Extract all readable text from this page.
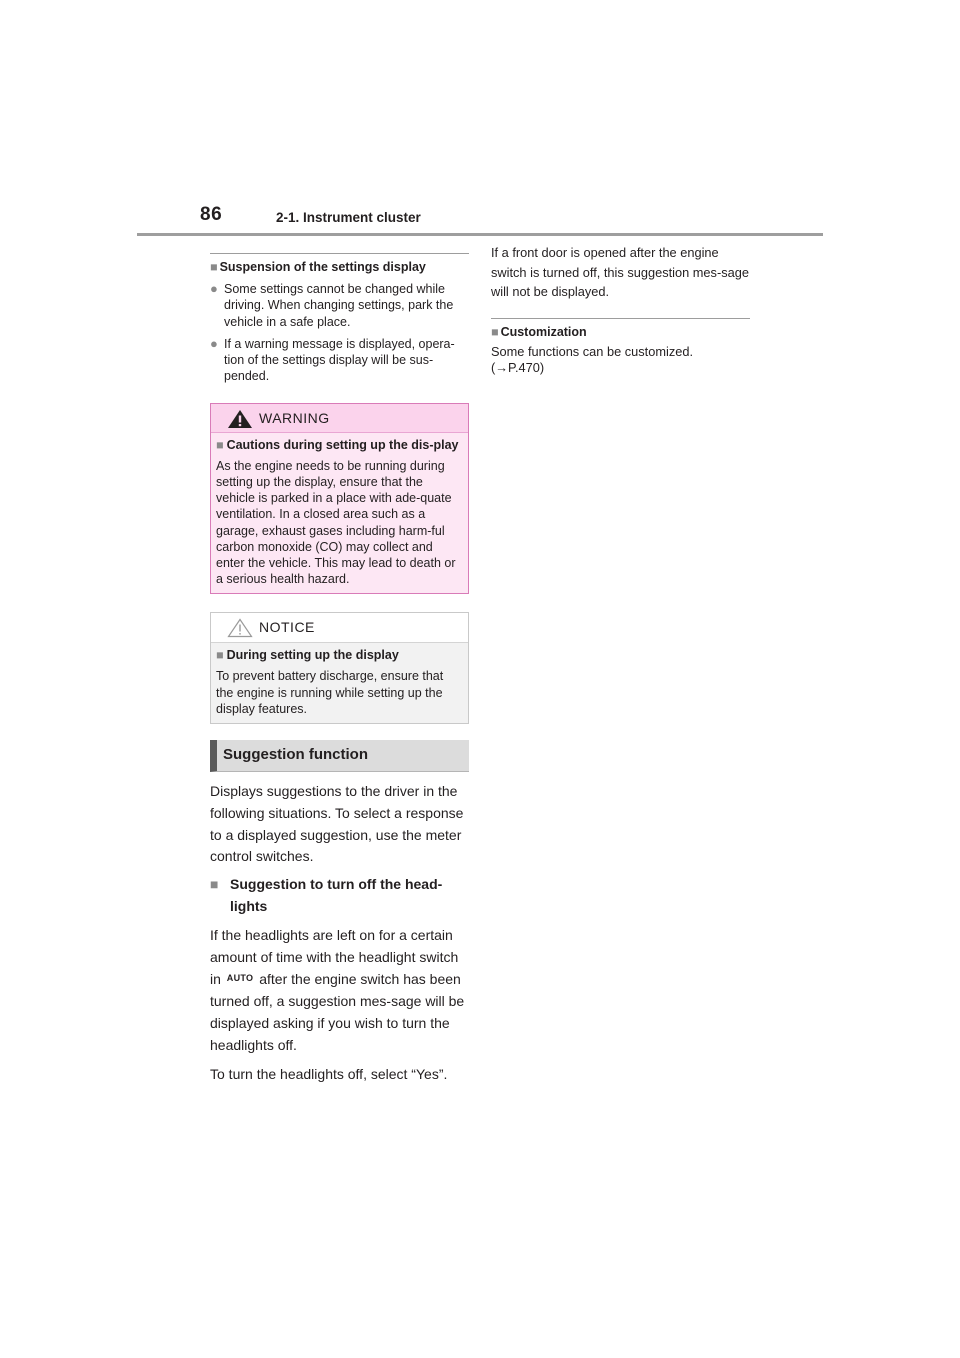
86	2-1. Instrument cluster
■ Suspension of the settings display
● Some settings cannot be changed while driving. When changing settings, park the vehicle in a safe place.
● If a warning message is displayed, opera-tion of the settings display will be sus-pended.
WARNING
■ Cautions during setting up the dis-play
As the engine needs to be running during setting up the display, ensure that the vehicle is parked in a place with ade-quate ventilation. In a closed area such as a garage, exhaust gases including harm-ful carbon monoxide (CO) may collect and enter the vehicle. This may lead to death or a serious health hazard.
NOTICE
■ During setting up the display
To prevent battery discharge, ensure that the engine is running while setting up the display features.
Suggestion function
Displays suggestions to the driver in the following situations. To select a response to a displayed suggestion, use the meter control switches.
■ Suggestion to turn off the head-lights
If the headlights are left on for a certain amount of time with the headlight switch in AUTO after the engine switch has been turned off, a suggestion mes-sage will be displayed asking if you wish to turn the headlights off.
To turn the headlights off, select “Yes”.
If a front door is opened after the engine switch is turned off, this suggestion mes-sage will not be displayed.
■ Customization
Some functions can be customized.
(→P.470)
